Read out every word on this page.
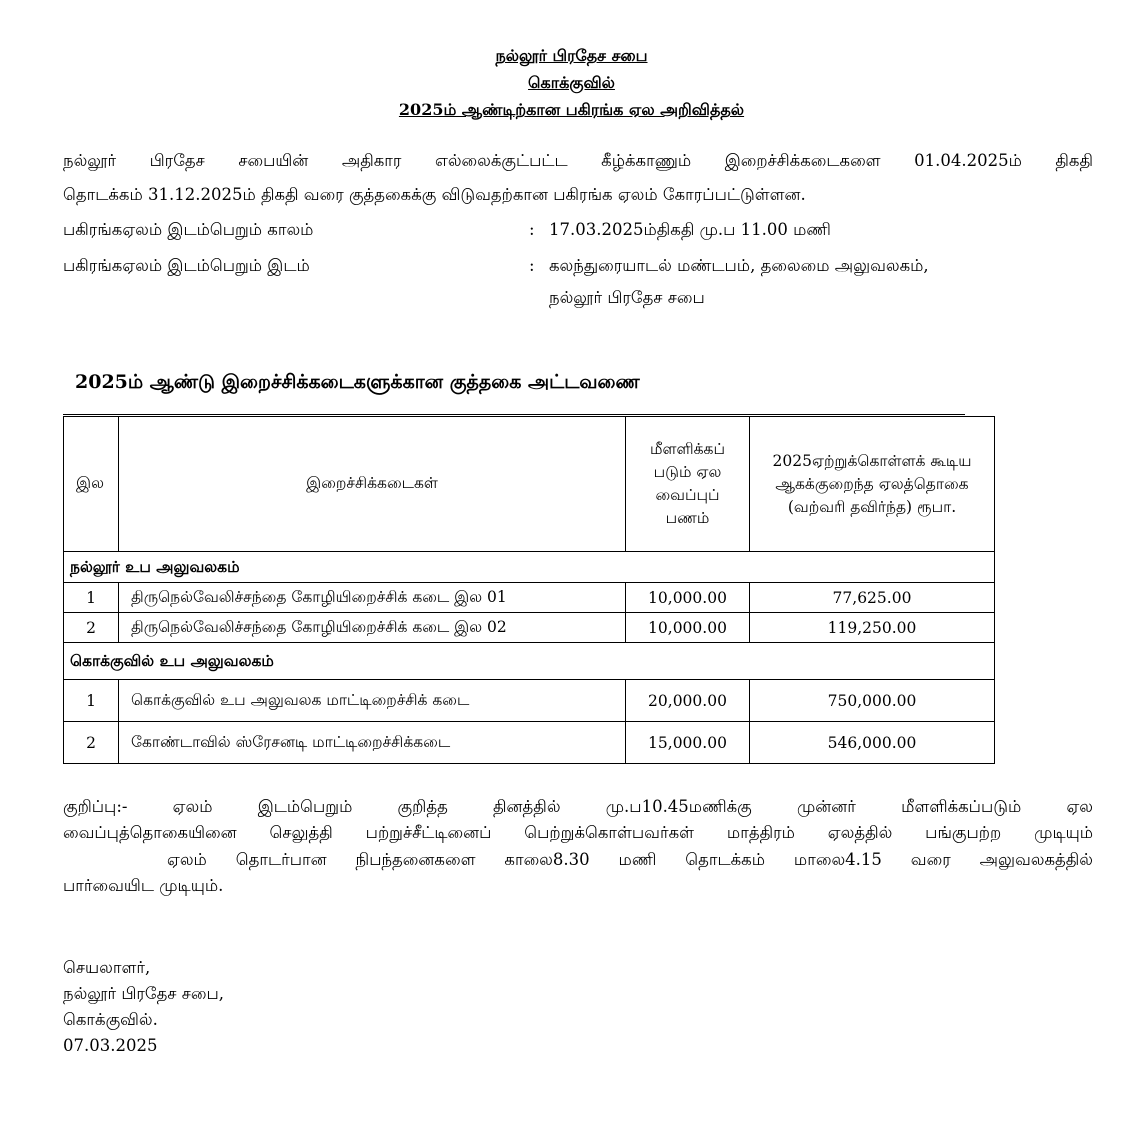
நல்லூர் பிரதேச சபை
கொக்குவில்
2025ம் ஆண்டிற்கான பகிரங்க ஏல அறிவித்தல்
நல்லூர் பிரதேச சபையின் அதிகார எல்லைக்குட்பட்ட கீழ்க்காணும் இறைச்சிக்கடைகளை 01.04.2025ம் திகதி
தொடக்கம் 31.12.2025ம் திகதி வரை குத்தகைக்கு விடுவதற்கான பகிரங்க ஏலம் கோரப்பட்டுள்ளன.
பகிரங்கஏலம் இடம்பெறும் காலம்	: 17.03.2025ம்திகதி மு.ப 11.00 மணி
பகிரங்கஏலம் இடம்பெறும் இடம்	: கலந்துரையாடல் மண்டபம், தலைமை அலுவலகம்,
நல்லூர் பிரதேச சபை
2025ம் ஆண்டு இறைச்சிக்கடைகளுக்கான குத்தகை அட்டவணை
இல	இறைச்சிக்கடைகள்	மீளளிக்கப் படும் ஏல வைப்புப் பணம்	2025ஏற்றுக்கொள்ளக் கூடிய ஆகக்குறைந்த ஏலத்தொகை (வற்வரி தவிர்ந்த) ரூபா.
நல்லூர் உப அலுவலகம்			
1	திருநெல்வேலிச்சந்தை கோழியிறைச்சிக் கடை இல 01	10,000.00	77,625.00
2	திருநெல்வேலிச்சந்தை கோழியிறைச்சிக் கடை இல 02	10,000.00	119,250.00
கொக்குவில் உப அலுவலகம்			
1	கொக்குவில் உப அலுவலக மாட்டிறைச்சிக் கடை	20,000.00	750,000.00
2	கோண்டாவில் ஸ்ரேசனடி மாட்டிறைச்சிக்கடை	15,000.00	546,000.00
குறிப்பு:- ஏலம் இடம்பெறும் குறித்த தினத்தில் மு.ப10.45மணிக்கு முன்னர் மீளளிக்கப்படும் ஏல
வைப்புத்தொகையினை செலுத்தி பற்றுச்சீட்டினைப் பெற்றுக்கொள்பவர்கள் மாத்திரம் ஏலத்தில் பங்குபற்ற முடியும்
ஏலம் தொடர்பான நிபந்தனைகளை காலை8.30 மணி தொடக்கம் மாலை4.15 வரை அலுவலகத்தில்
பார்வையிட முடியும்.
செயலாளர்,
நல்லூர் பிரதேச சபை,
கொக்குவில்.
07.03.2025
